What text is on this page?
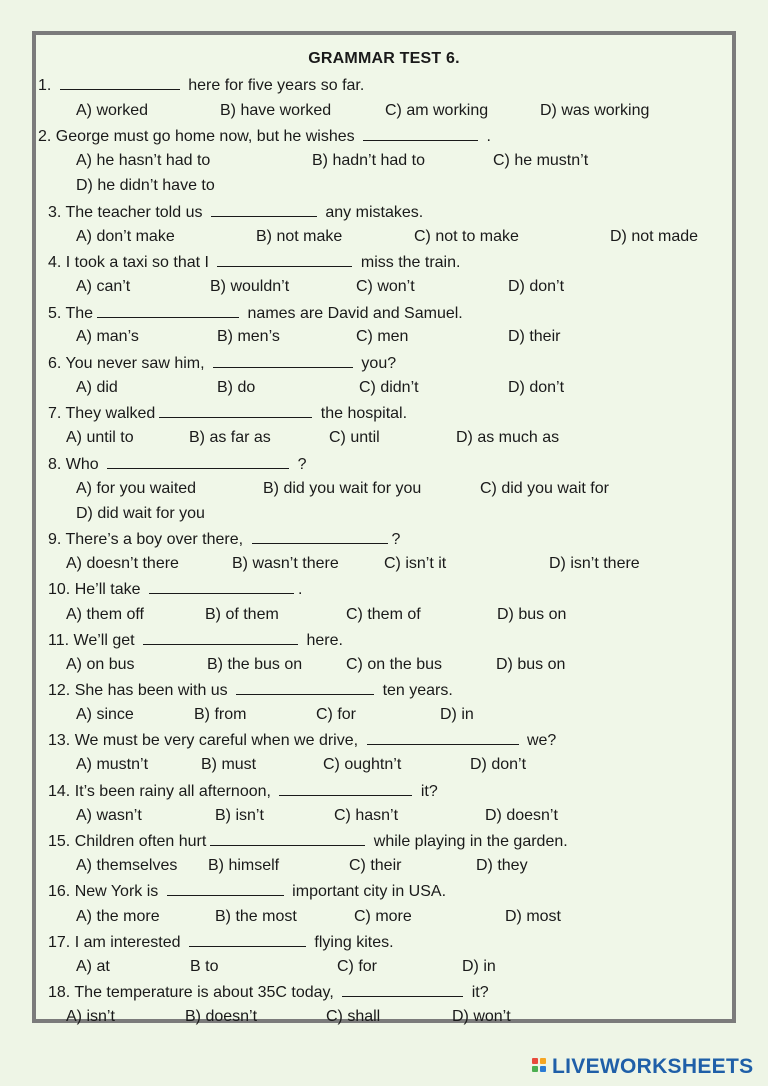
GRAMMAR TEST 6.
1.	here for five years so far.
A) worked	B) have worked	C) am working	D) was working
2. George must go home now, but he wishes	.
A) he hasn’t had to	B) hadn’t had to	C) he mustn’t
D) he didn’t have to
3. The teacher told us	any mistakes.
A) don’t make	B) not make	C) not to make	D) not made
4. I took a taxi so that I	miss the train.
A) can’t	B) wouldn’t	C) won’t	D) don’t
5. The	names are David and Samuel.
A) man’s	B) men’s	C) men	D) their
6. You never saw him,	you?
A) did	B) do	C) didn’t	D) don’t
7. They walked	the hospital.
A) until to	B) as far as	C) until	D) as much as
8. Who	?
A) for you waited	B) did you wait for you	C) did you wait for
D) did wait for you
9. There’s a boy over there,	?
A) doesn’t there	B) wasn’t there	C) isn’t it	D) isn’t there
10. He’ll take	.
A) them off	B) of them	C) them of	D) bus on
11. We’ll get	here.
A) on bus	B) the bus on	C) on the bus	D) bus on
12. She has been with us	ten years.
A) since	B) from	C) for	D) in
13. We must be very careful when we drive,	we?
A) mustn’t	B) must	C) oughtn’t	D) don’t
14. It’s been rainy all afternoon,	it?
A) wasn’t	B) isn’t	C) hasn’t	D) doesn’t
15. Children often hurt	while playing in the garden.
A) themselves B) himself	C) their	D) they
16. New York is	important city in USA.
A) the more	B) the most	C) more	D) most
17. I am interested	flying kites.
A) at	B to	C) for	D) in
18. The temperature is about 35C today,	it?
A) isn’t	B) doesn’t	C) shall	D) won’t
LIVEWORKSHEETS
